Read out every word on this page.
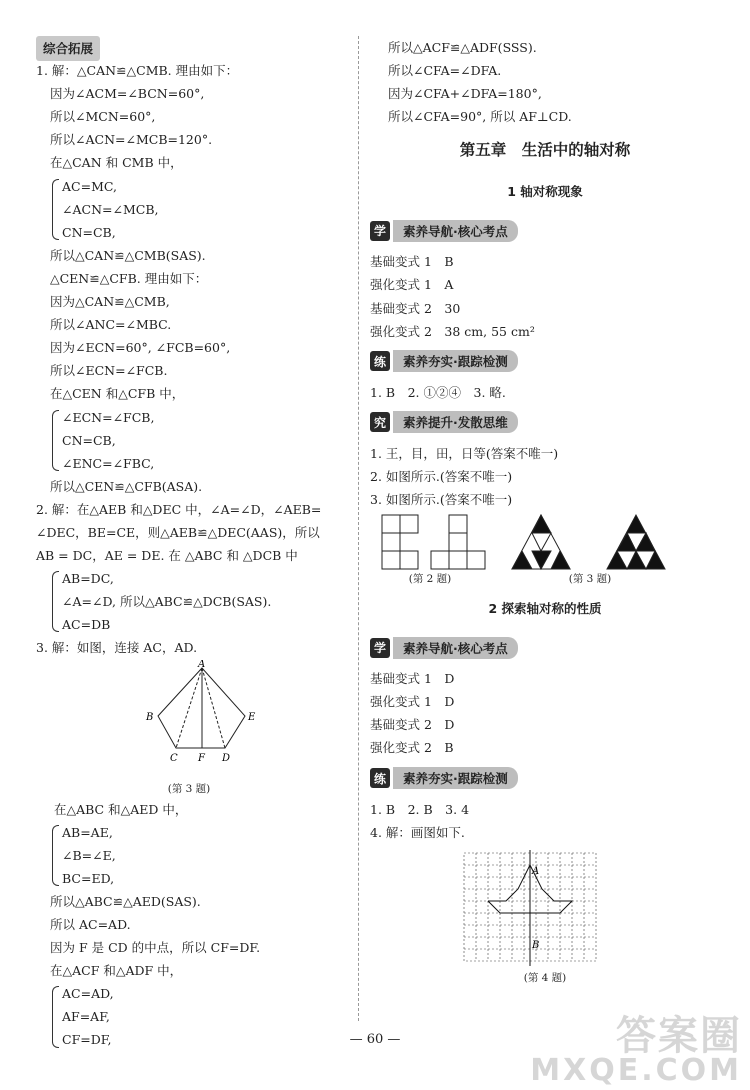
综合拓展
1. 解：△CAN≌△CMB. 理由如下：
因为∠ACM=∠BCN=60°,
所以∠MCN=60°,
所以∠ACN=∠MCB=120°.
在△CAN 和 CMB 中，
AC=MC,
∠ACN=∠MCB,
CN=CB,
所以△CAN≌△CMB(SAS).
△CEN≌△CFB. 理由如下：
因为△CAN≌△CMB,
所以∠ANC=∠MBC.
因为∠ECN=60°, ∠FCB=60°,
所以∠ECN=∠FCB.
在△CEN 和△CFB 中，
∠ECN=∠FCB,
CN=CB,
∠ENC=∠FBC,
所以△CEN≌△CFB(ASA).
2. 解：在△AEB 和△DEC 中，∠A=∠D，∠AEB=
∠DEC，BE=CE，则△AEB≌△DEC(AAS)，所以
AB = DC，AE = DE. 在 △ABC 和 △DCB 中
AB=DC,
∠A=∠D, 所以△ABC≌△DCB(SAS).
AC=DB
3. 解：如图，连接 AC，AD.
A
B	E
C F D
(第 3 题)
在△ABC 和△AED 中，
AB=AE,
∠B=∠E,
BC=ED,
所以△ABC≌△AED(SAS).
所以 AC=AD.
因为 F 是 CD 的中点，所以 CF=DF.
在△ACF 和△ADF 中，
AC=AD,
AF=AF,
CF=DF,
所以△ACF≌△ADF(SSS).
所以∠CFA=∠DFA.
因为∠CFA+∠DFA=180°,
所以∠CFA=90°, 所以 AF⊥CD.
第五章　生活中的轴对称
1 轴对称现象
学	素养导航·核心考点
基础变式 1　B
强化变式 1　A
基础变式 2　30
强化变式 2　38 cm, 55 cm²
练	素养夯实·跟踪检测
1. B　2. ①②④　3. 略.
究	素养提升·发散思维
1. 王，目，田，日等(答案不唯一)
2. 如图所示.(答案不唯一)
3. 如图所示.(答案不唯一)
(第 2 题)	(第 3 题)
2 探索轴对称的性质
学	素养导航·核心考点
基础变式 1　D
强化变式 1　D
基础变式 2　D
强化变式 2　B
练	素养夯实·跟踪检测
1. B　2. B　3. 4
4. 解：画图如下.
A
B
(第 4 题)
— 60 —	答案圈
MXQE.COM
